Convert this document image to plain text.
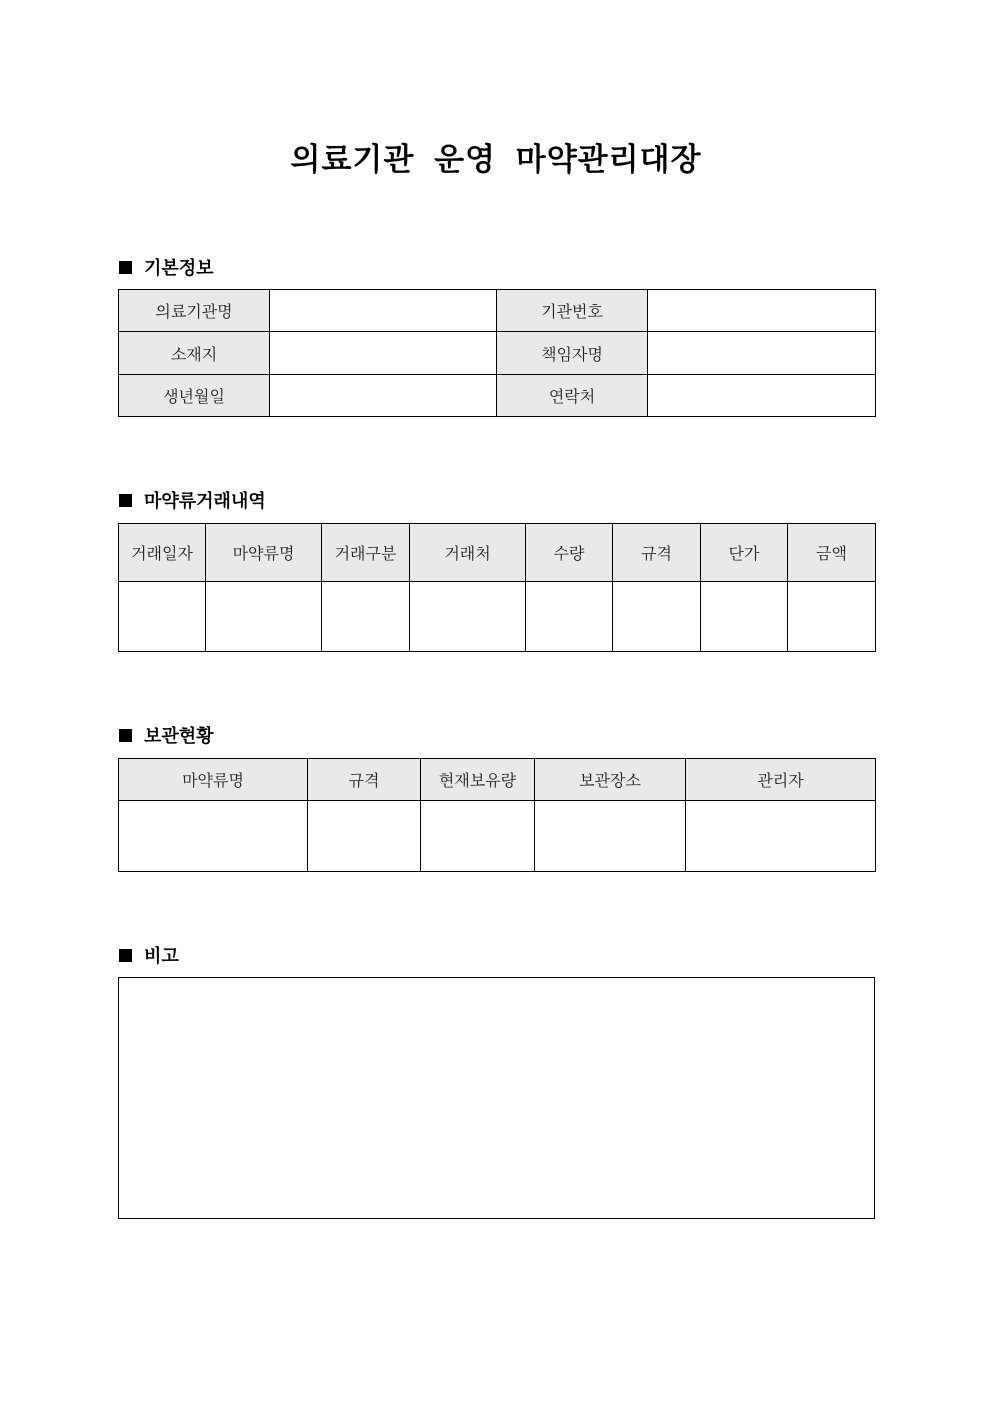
의료기관 운영 마약관리대장
기본정보
의료기관명		기관번호	
소재지		책임자명	
생년월일		연락처	
마약류거래내역
거래일자	마약류명	거래구분	거래처	수량	규격	단가	금액

보관현황
마약류명	규격	현재보유량	보관장소	관리자

비고
